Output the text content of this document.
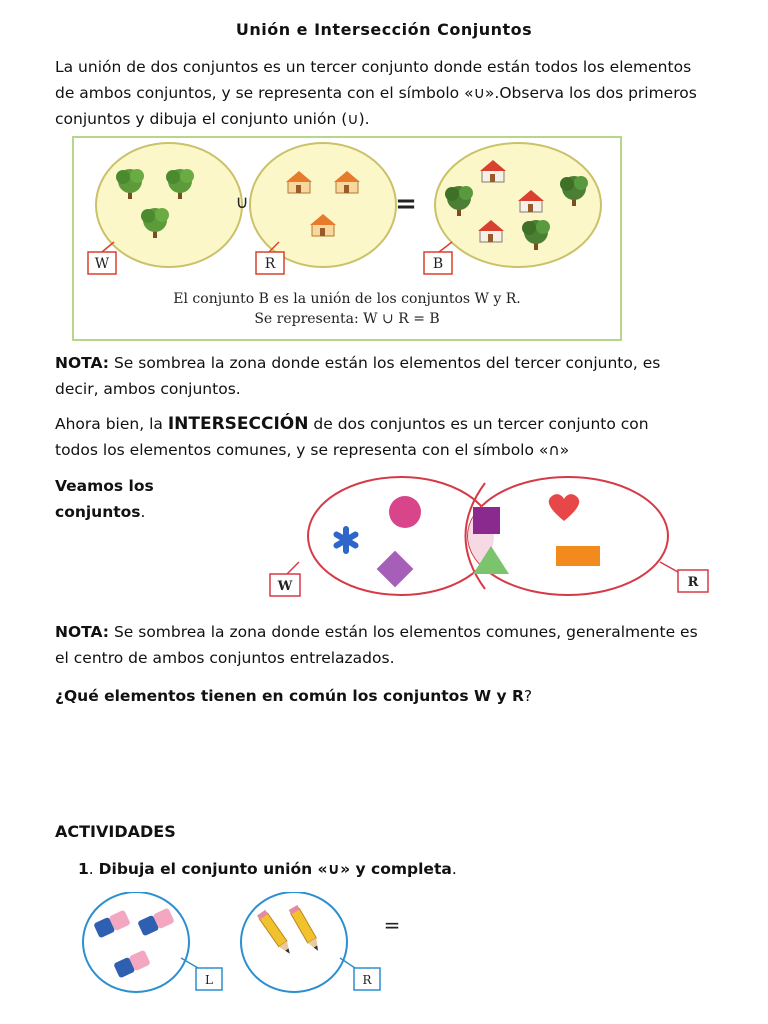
Unión e Intersección Conjuntos
La unión de dos conjuntos es un tercer conjunto donde están todos los elementos
de ambos conjuntos, y se representa con el símbolo «∪».Observa los dos primeros
conjuntos y dibuja el conjunto unión (∪).
W
∪
R
=
B
El conjunto B es la unión de los conjuntos W y R.
Se representa: W ∪ R = B
NOTA: Se sombrea la zona donde están los elementos del tercer conjunto, es
decir, ambos conjuntos.
Ahora bien, la INTERSECCIÓN de dos conjuntos es un tercer conjunto con
todos los elementos comunes, y se representa con el símbolo «∩»
Veamos los
conjuntos.
W	R
NOTA: Se sombrea la zona donde están los elementos comunes, generalmente es
el centro de ambos conjuntos entrelazados.
¿Qué elementos tienen en común los conjuntos W y R?
ACTIVIDADES
1. Dibuja el conjunto unión «∪» y completa.
L	R
=
